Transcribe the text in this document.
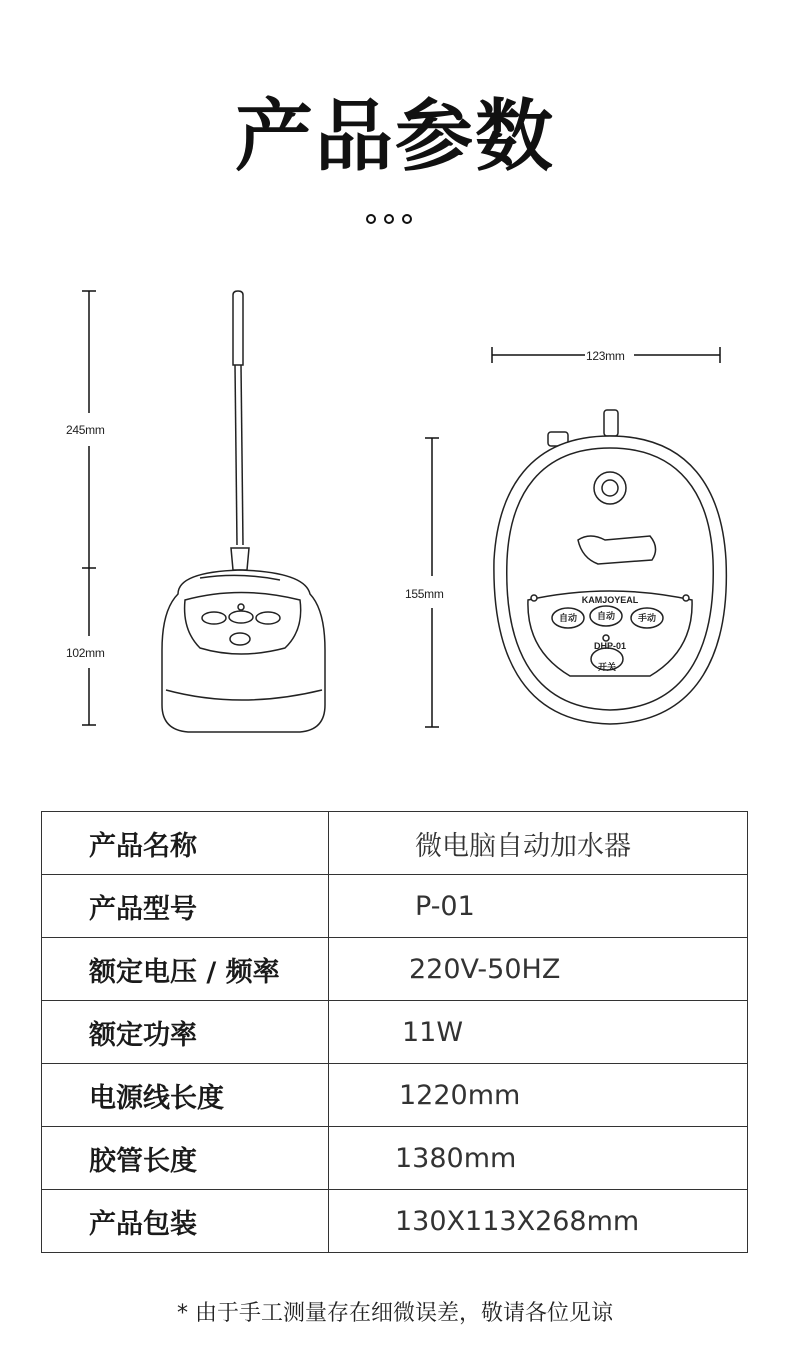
产品参数
KAMJOYEAL
DHP-01
自动 自动	手动
开关
245mm
102mm
155mm
123mm
产品名称	微电脑自动加水器
产品型号	P-01
额定电压 / 频率	220V-50HZ
额定功率	11W
电源线长度	1220mm
胶管长度	1380mm
产品包装	130X113X268mm
* 由于手工测量存在细微误差，敬请各位见谅
